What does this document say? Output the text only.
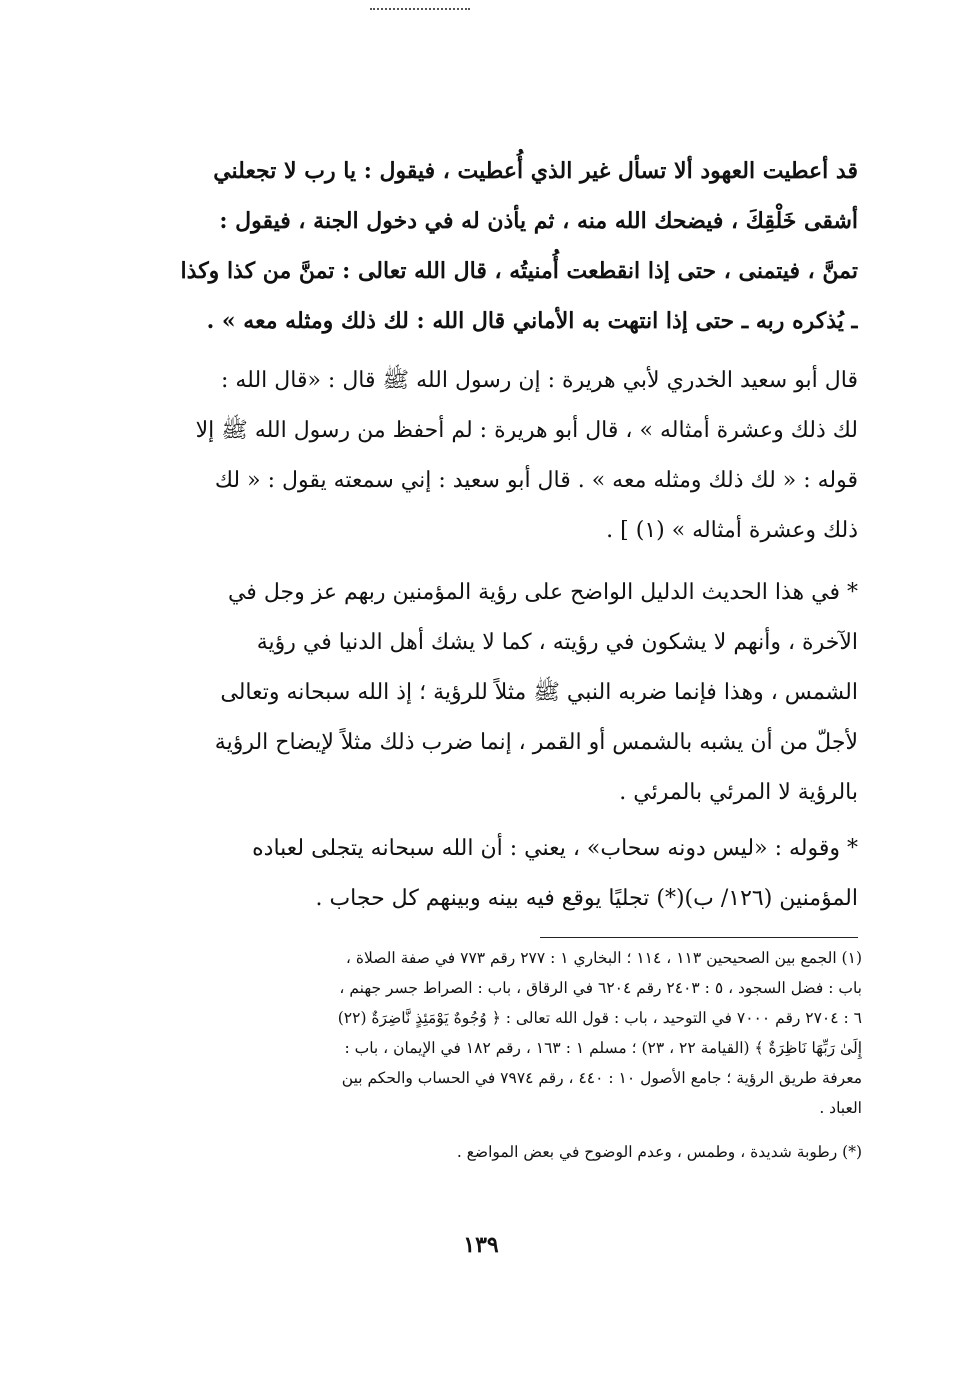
قد أعطيت العهود ألا تسأل غير الذي أُعطيت ، فيقول : يا رب لا تجعلني
أشقى خَلْقِكَ ، فيضحك الله منه ، ثم يأذن له في دخول الجنة ، فيقول :
تمنَّ ، فيتمنى ، حتى إذا انقطعت أُمنيتُه ، قال الله تعالى : تمنَّ من كذا وكذا
ـ يُذكره ربه ـ حتى إذا انتهت به الأماني قال الله : لك ذلك ومثله معه » .
قال أبو سعيد الخدري لأبي هريرة : إن رسول الله ﷺ قال : «قال الله :
لك ذلك وعشرة أمثاله » ، قال أبو هريرة : لم أحفظ من رسول الله ﷺ إلا
قوله : « لك ذلك ومثله معه » . قال أبو سعيد : إني سمعته يقول : « لك
ذلك وعشرة أمثاله » (١) ] .
* في هذا الحديث الدليل الواضح على رؤية المؤمنين ربهم عز وجل في
الآخرة ، وأنهم لا يشكون في رؤيته ، كما لا يشك أهل الدنيا في رؤية
الشمس ، وهذا فإنما ضربه النبي ﷺ مثلاً للرؤية ؛ إذ الله سبحانه وتعالى
لأجلّ من أن يشبه بالشمس أو القمر ، إنما ضرب ذلك مثلاً لإيضاح الرؤية
بالرؤية لا المرئي بالمرئي .
* وقوله : «ليس دونه سحاب» ، يعني : أن الله سبحانه يتجلى لعباده
المؤمنين (١٢٦/ ب)(*) تجليًا يوقع فيه بينه وبينهم كل حجاب .
(١) الجمع بين الصحيحين ١١٣ ، ١١٤ ؛ البخاري ١ : ٢٧٧ رقم ٧٧٣ في صفة الصلاة ،
باب : فضل السجود ، ٥ : ٢٤٠٣ رقم ٦٢٠٤ في الرقاق ، باب : الصراط جسر جهنم ،
٦ : ٢٧٠٤ رقم ٧٠٠٠ في التوحيد ، باب : قول الله تعالى : ﴿ وُجُوهٌ يَوْمَئِذٍ نَّاضِرَةٌ (٢٢)
إِلَىٰ رَبِّهَا نَاظِرَةٌ ﴾ (القيامة ٢٢ ، ٢٣) ؛ مسلم ١ : ١٦٣ ، رقم ١٨٢ في الإيمان ، باب :
معرفة طريق الرؤية ؛ جامع الأصول ١٠ : ٤٤٠ ، رقم ٧٩٧٤ في الحساب والحكم بين
العباد .
(*) رطوبة شديدة ، وطمس ، وعدم الوضوح في بعض المواضع .
١٣٩
